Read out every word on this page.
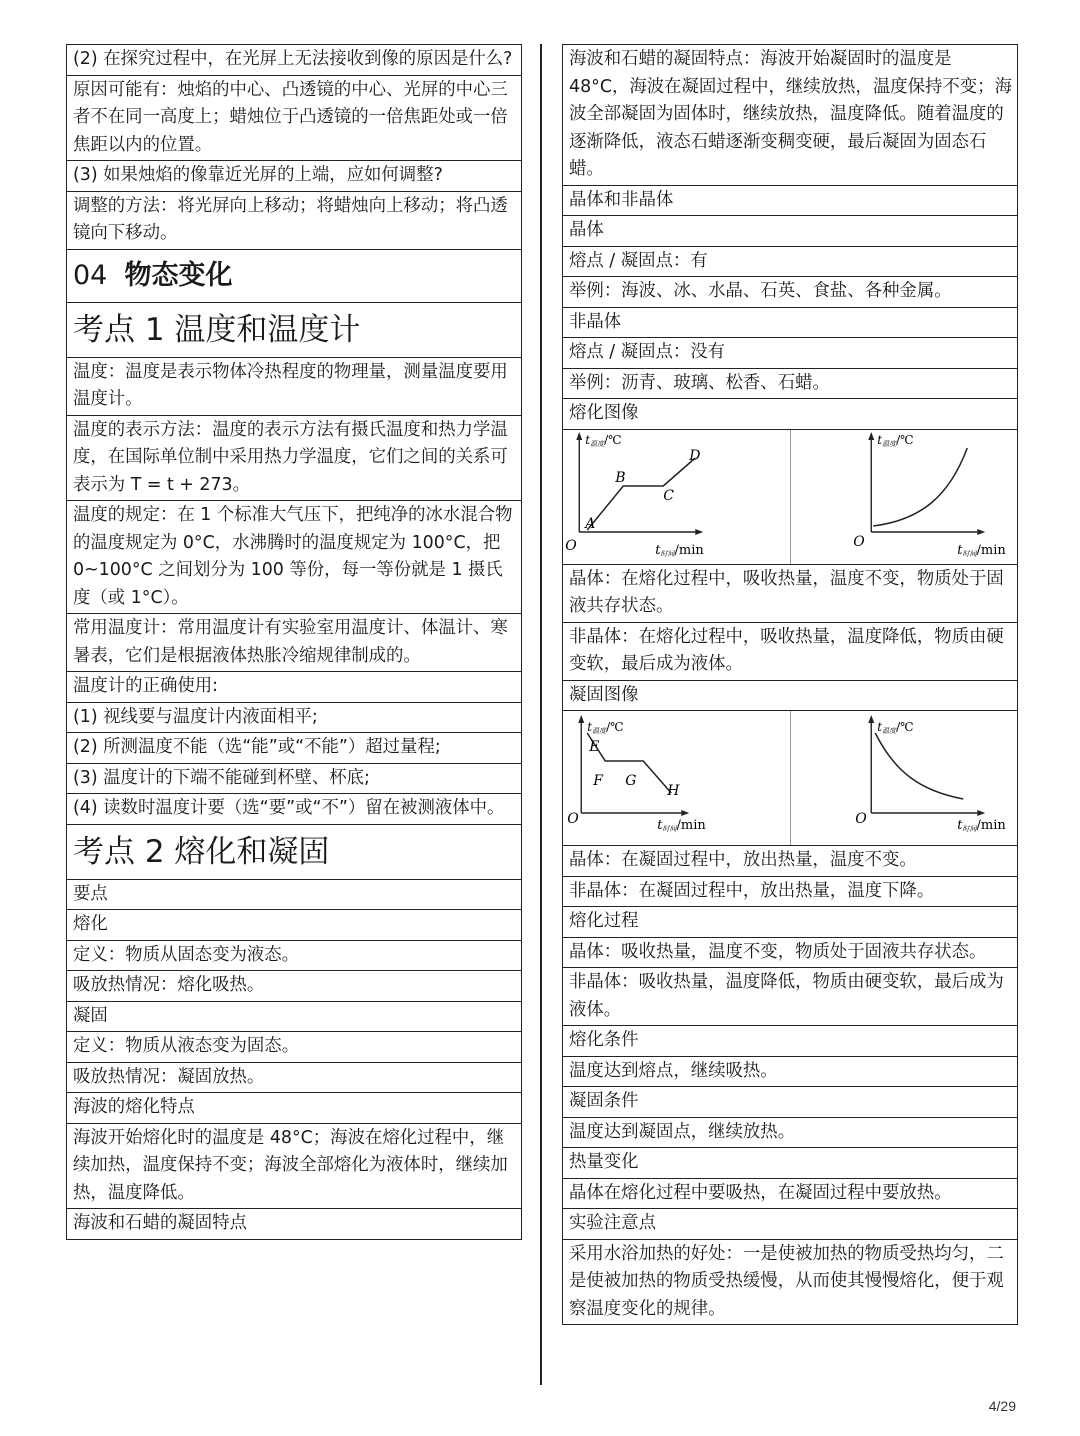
(2) 在探究过程中，在光屏上无法接收到像的原因是什么?
原因可能有：烛焰的中心、凸透镜的中心、光屏的中心三者不在同一高度上；蜡烛位于凸透镜的一倍焦距处或一倍焦距以内的位置。
(3) 如果烛焰的像靠近光屏的上端，应如何调整?
调整的方法：将光屏向上移动；将蜡烛向上移动；将凸透镜向下移动。
04 物态变化
考点 1 温度和温度计
温度：温度是表示物体冷热程度的物理量，测量温度要用温度计。
温度的表示方法：温度的表示方法有摄氏温度和热力学温度，在国际单位制中采用热力学温度，它们之间的关系可表示为 T = t + 273。
温度的规定：在 1 个标准大气压下，把纯净的冰水混合物的温度规定为 0°C，水沸腾时的温度规定为 100°C，把 0~100°C 之间划分为 100 等份，每一等份就是 1 摄氏度（或 1°C）。
常用温度计：常用温度计有实验室用温度计、体温计、寒暑表，它们是根据液体热胀冷缩规律制成的。
温度计的正确使用:
(1) 视线要与温度计内液面相平;
(2) 所测温度不能（选“能”或“不能”）超过量程;
(3) 温度计的下端不能碰到杯壁、杯底;
(4) 读数时温度计要（选“要”或“不”）留在被测液体中。
考点 2 熔化和凝固
要点
熔化
定义：物质从固态变为液态。
吸放热情况：熔化吸热。
凝固
定义：物质从液态变为固态。
吸放热情况：凝固放热。
海波的熔化特点
海波开始熔化时的温度是 48°C；海波在熔化过程中，继续加热，温度保持不变；海波全部熔化为液体时，继续加热，温度降低。
海波和石蜡的凝固特点
海波和石蜡的凝固特点：海波开始凝固时的温度是 48°C，海波在凝固过程中，继续放热，温度保持不变；海波全部凝固为固体时，继续放热，温度降低。随着温度的逐渐降低，液态石蜡逐渐变稠变硬，最后凝固为固态石蜡。
晶体和非晶体
晶体
熔点 / 凝固点：有
举例：海波、冰、水晶、石英、食盐、各种金属。
非晶体
熔点 / 凝固点：没有
举例：沥青、玻璃、松香、石蜡。
熔化图像
t温度/℃
t时间/min
O
A
B
C
D
t温度/℃
t时间/min
O
晶体：在熔化过程中，吸收热量，温度不变，物质处于固液共存状态。
非晶体：在熔化过程中，吸收热量，温度降低，物质由硬变软，最后成为液体。
凝固图像
t温度/℃
t时间/min
O
E
F G
H
t温度/℃
t时间/min
O
晶体：在凝固过程中，放出热量，温度不变。
非晶体：在凝固过程中，放出热量，温度下降。
熔化过程
晶体：吸收热量，温度不变，物质处于固液共存状态。
非晶体：吸收热量，温度降低，物质由硬变软，最后成为液体。
熔化条件
温度达到熔点，继续吸热。
凝固条件
温度达到凝固点，继续放热。
热量变化
晶体在熔化过程中要吸热，在凝固过程中要放热。
实验注意点
采用水浴加热的好处：一是使被加热的物质受热均匀，二是使被加热的物质受热缓慢，从而使其慢慢熔化，便于观察温度变化的规律。
4/29
